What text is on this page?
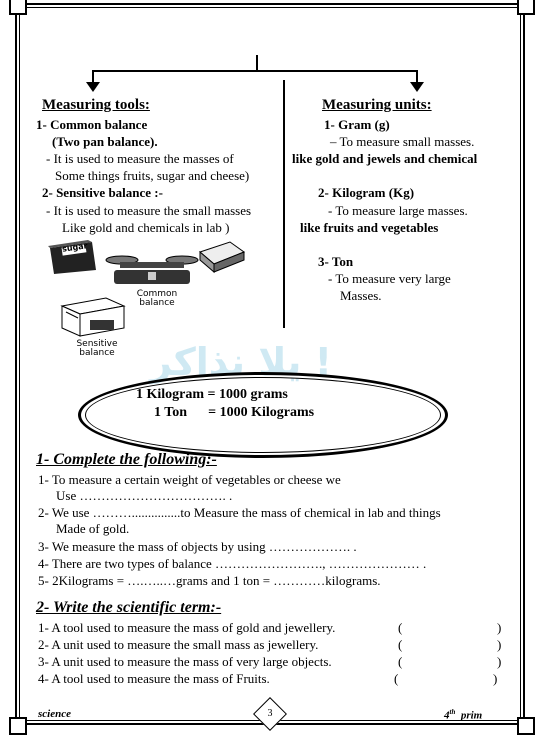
Measuring tools:
1- Common balance
(Two pan balance).
- It is used to measure the masses of
Some things fruits, sugar and cheese)
2- Sensitive balance :-
- It is used to measure the small masses
Like gold and chemicals in lab )
sugar
Common
balance
Sensitive
balance
Measuring units:
1- Gram (g)
– To measure small masses.
like gold and jewels and chemical
2- Kilogram (Kg)
- To measure large masses.
like fruits and vegetables
3- Ton
- To measure very large
Masses.
يلا نذاكر !
1 Kilogram = 1000 grams
1 Ton      = 1000 Kilograms
1- Complete the following:-
1- To measure a certain weight of vegetables or cheese we
Use ……………………………. .
2- We use ………...............to Measure the mass of chemical in lab and things
Made of gold.
3- We measure the mass of objects by using ………………. .
4- There are two types of balance ……………………., ………………… .
5- 2Kilograms = ….…..…grams and 1 ton = …………kilograms.
2- Write the scientific term:-
1- A tool used to measure the mass of gold and jewellery.	(	)
2- A unit used to measure the small mass as jewellery.	(	)
3- A unit used to measure the mass of very large objects.	(	)
4- A tool used to measure the mass of Fruits.	(	)
science	3	4th prim
